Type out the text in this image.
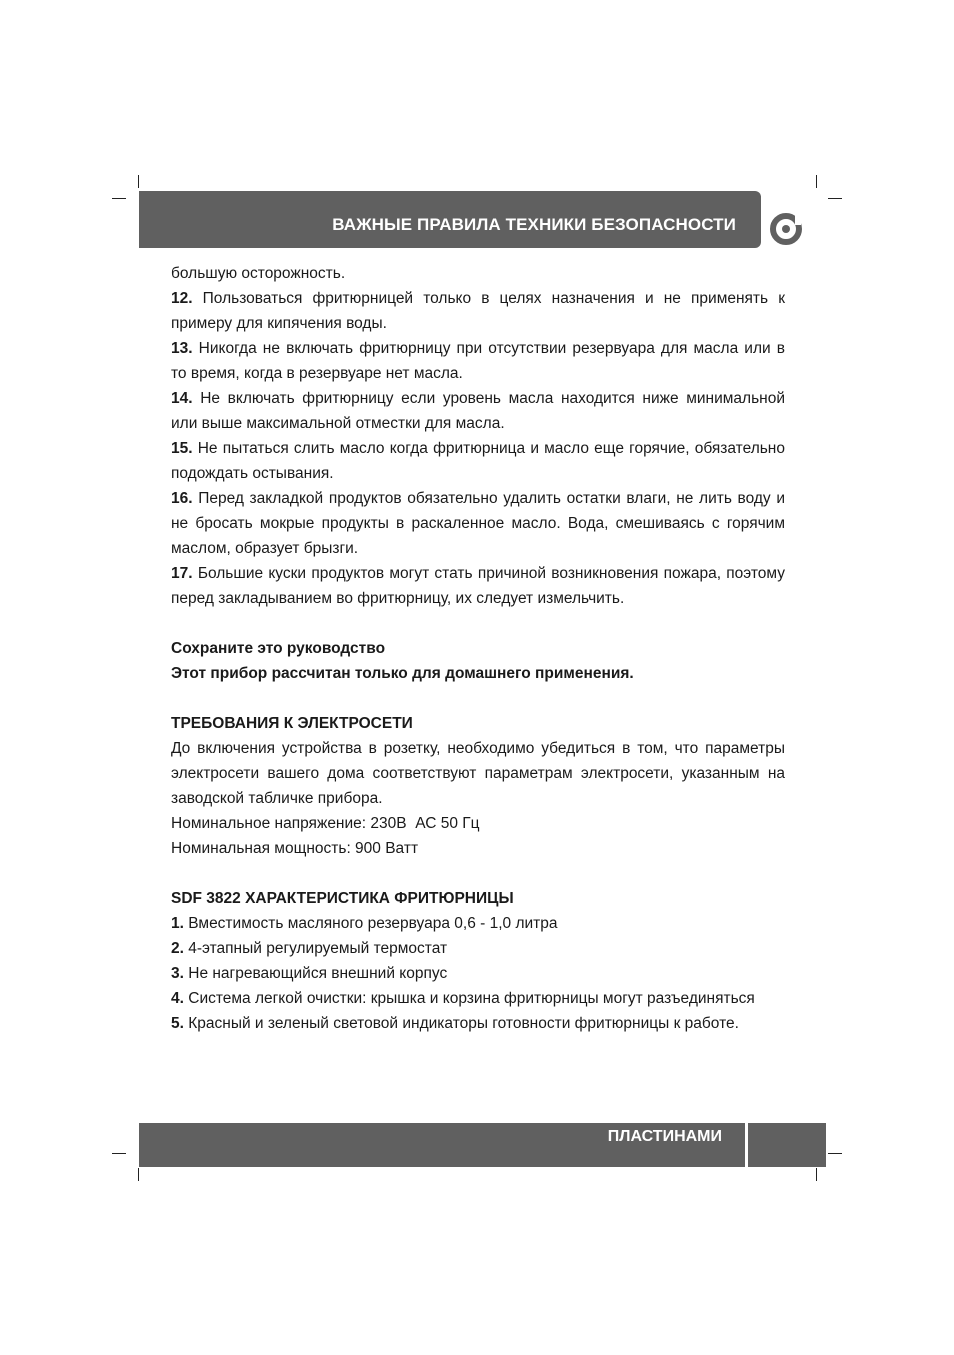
ВАЖНЫЕ ПРАВИЛА ТЕХНИКИ БЕЗОПАСНОСТИ

большую осторожность.

12. Пользоваться фритюрницей только в целях назначения и не применять к примеру для кипячения воды.

13. Никогда не включать фритюрницу при отсутствии резервуара для масла или в то время, когда в резервуаре нет масла.

14. Не включать фритюрницу если уровень масла находится ниже минимальной или выше максимальной отместки для масла.

15. Не пытаться слить масло когда фритюрница и масло еще горячие, обязательно подождать остывания.

16. Перед закладкой продуктов обязательно удалить остатки влаги, не лить воду и не бросать мокрые продукты в раскаленное масло. Вода, смешиваясь с горячим маслом, образует брызги.

17. Большие куски продуктов могут стать причиной возникновения пожара, поэтому перед закладыванием во фритюрницу, их следует измельчить.

Сохраните это руководство

Этот прибор рассчитан только для домашнего применения.

ТРЕБОВАНИЯ К ЭЛЕКТРОСЕТИ

До включения устройства в розетку, необходимо убедиться в том, что параметры электросети вашего дома соответствуют параметрам электросети, указанным на заводской табличке прибора.

Номинальное напряжение: 230В  АС 50 Гц

Номинальная мощность: 900 Ватт

SDF 3822 ХАРАКТЕРИСТИКА ФРИТЮРНИЦЫ

1. Вместимость масляного резервуара 0,6 - 1,0 литра

2. 4-этапный регулируемый термостат

3. Не нагревающийся внешний корпус

4. Система легкой очистки: крышка и корзина фритюрницы могут разъединяться

5. Красный и зеленый световой индикаторы готовности фритюрницы к работе.

ПЛАСТИНАМИ
